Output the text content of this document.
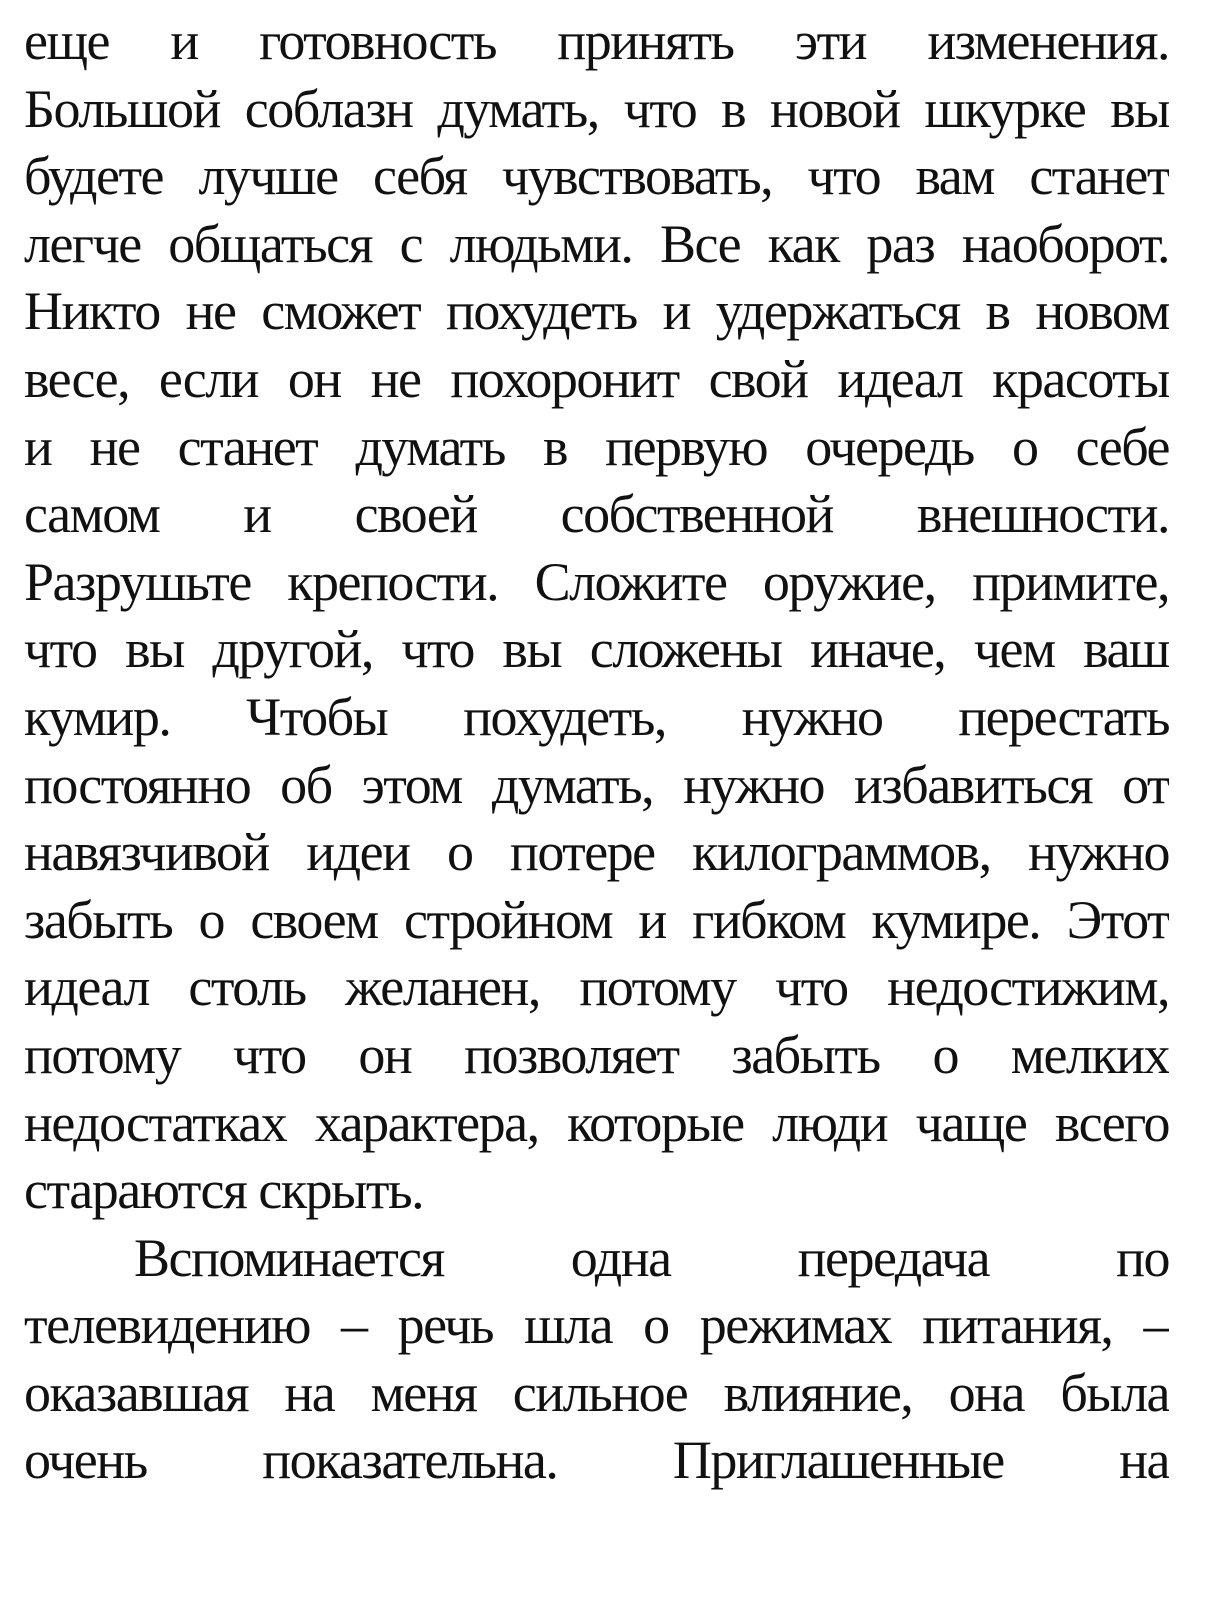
еще и готовность принять эти изменения.
Большой соблазн думать, что в новой шкурке вы
будете лучше себя чувствовать, что вам станет
легче общаться с людьми. Все как раз наоборот.
Никто не сможет похудеть и удержаться в новом
весе, если он не похоронит свой идеал красоты
и не станет думать в первую очередь о себе
самом и своей собственной внешности.
Разрушьте крепости. Сложите оружие, примите,
что вы другой, что вы сложены иначе, чем ваш
кумир. Чтобы похудеть, нужно перестать
постоянно об этом думать, нужно избавиться от
навязчивой идеи о потере килограммов, нужно
забыть о своем стройном и гибком кумире. Этот
идеал столь желанен, потому что недостижим,
потому что он позволяет забыть о мелких
недостатках характера, которые люди чаще всего
стараются скрыть.
Вспоминается одна передача по
телевидению – речь шла о режимах питания, –
оказавшая на меня сильное влияние, она была
очень показательна. Приглашенные на
